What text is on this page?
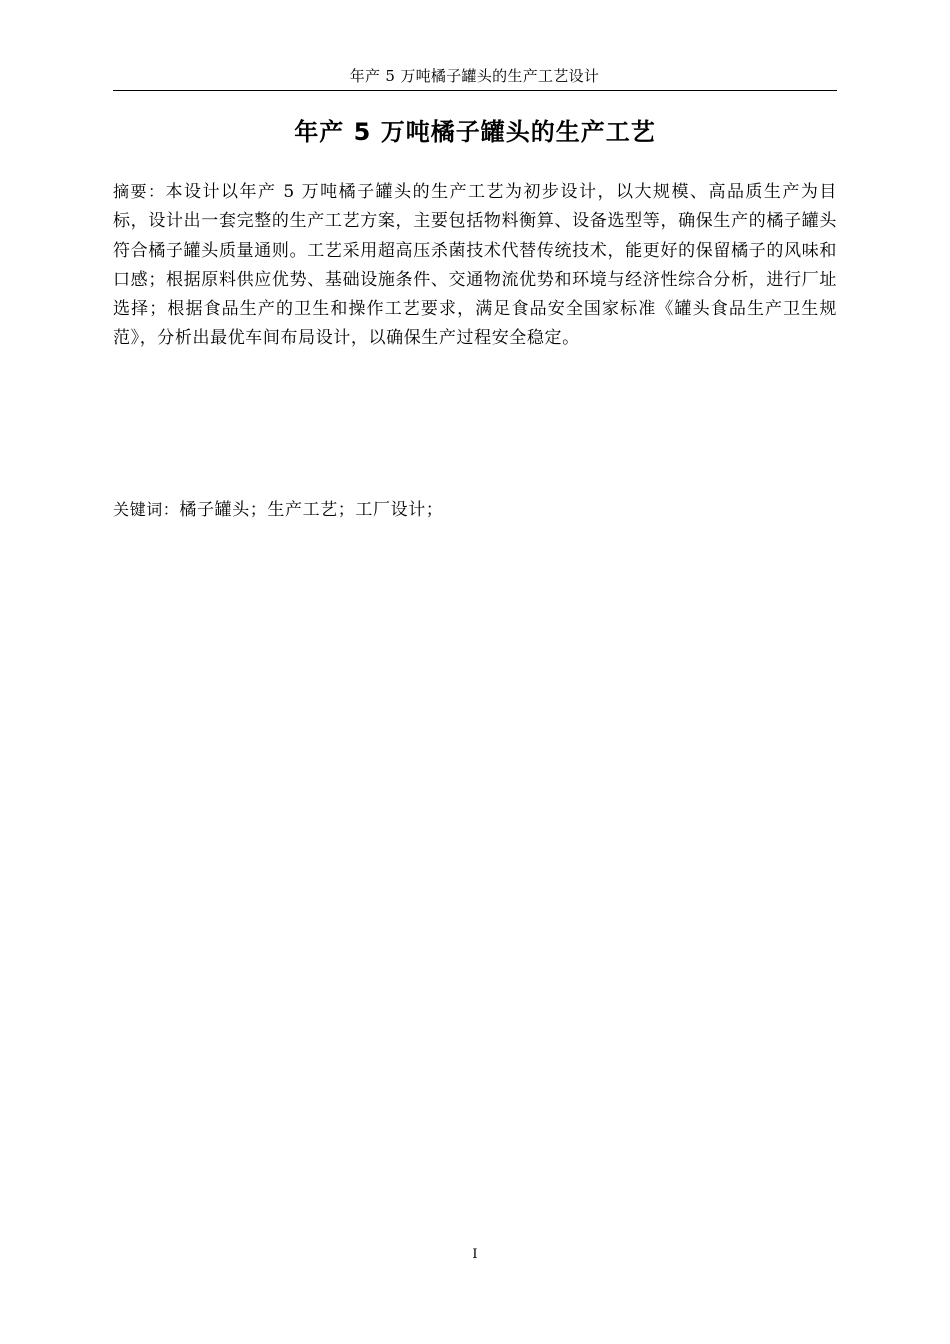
年产 5 万吨橘子罐头的生产工艺设计
年产 5 万吨橘子罐头的生产工艺

摘要：本设计以年产 5 万吨橘子罐头的生产工艺为初步设计，以大规模、高品质生产为目标，设计出一套完整的生产工艺方案，主要包括物料衡算、设备选型等，确保生产的橘子罐头符合橘子罐头质量通则。工艺采用超高压杀菌技术代替传统技术，能更好的保留橘子的风味和口感；根据原料供应优势、基础设施条件、交通物流优势和环境与经济性综合分析，进行厂址选择；根据食品生产的卫生和操作工艺要求，满足食品安全国家标准《罐头食品生产卫生规范》，分析出最优车间布局设计，以确保生产过程安全稳定。

关键词：橘子罐头；生产工艺；工厂设计；

I
